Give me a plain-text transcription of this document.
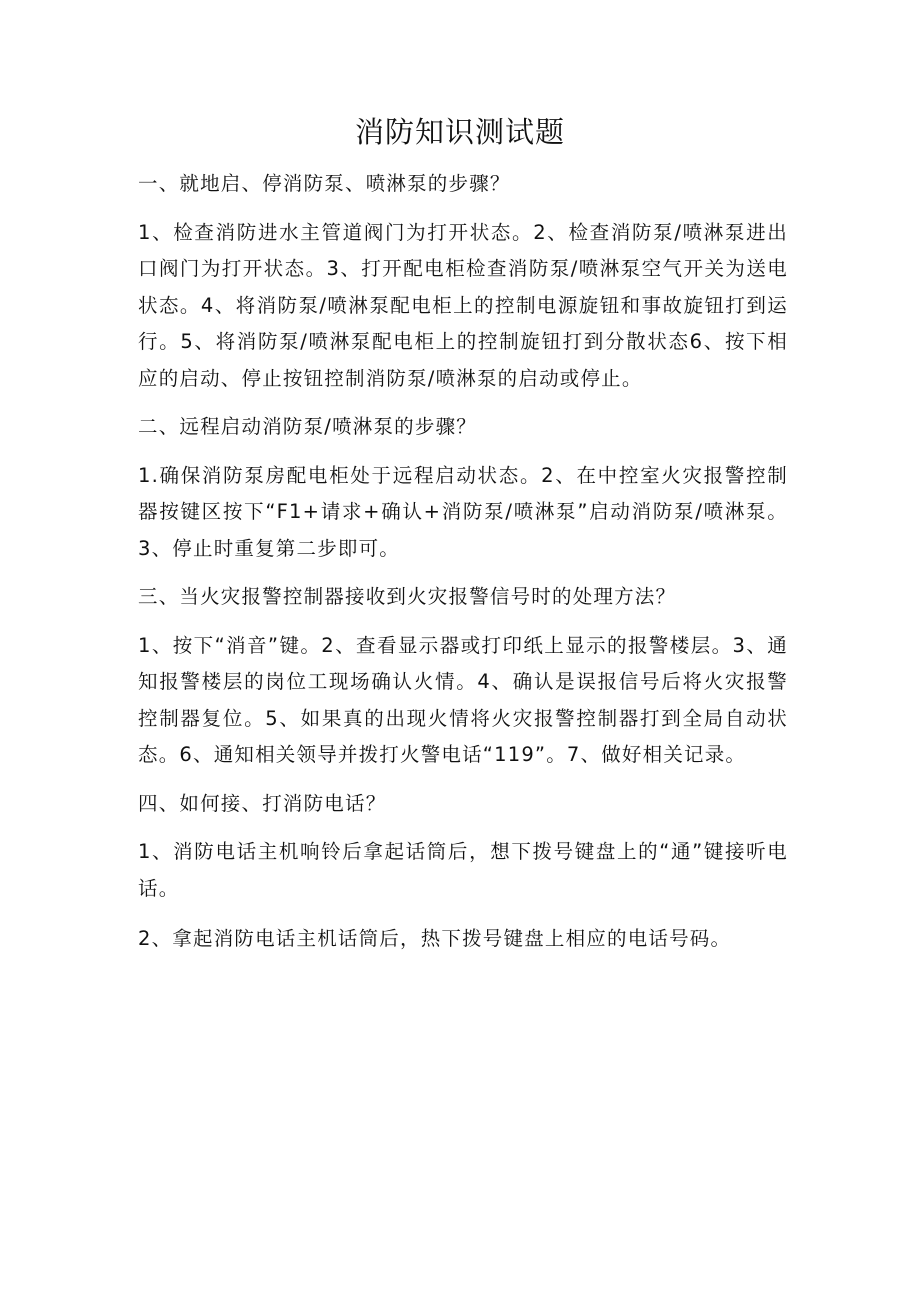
消防知识测试题

一、就地启、停消防泵、喷淋泵的步骤？

1、检查消防进水主管道阀门为打开状态。2、检查消防泵/喷淋泵进出口阀门为打开状态。3、打开配电柜检查消防泵/喷淋泵空气开关为送电状态。4、将消防泵/喷淋泵配电柜上的控制电源旋钮和事故旋钮打到运行。5、将消防泵/喷淋泵配电柜上的控制旋钮打到分散状态6、按下相应的启动、停止按钮控制消防泵/喷淋泵的启动或停止。

二、远程启动消防泵/喷淋泵的步骤？

1.确保消防泵房配电柜处于远程启动状态。2、在中控室火灾报警控制器按键区按下“F1+请求+确认+消防泵/喷淋泵”启动消防泵/喷淋泵。3、停止时重复第二步即可。

三、当火灾报警控制器接收到火灾报警信号时的处理方法？

1、按下“消音”键。2、查看显示器或打印纸上显示的报警楼层。3、通知报警楼层的岗位工现场确认火情。4、确认是误报信号后将火灾报警控制器复位。5、如果真的出现火情将火灾报警控制器打到全局自动状态。6、通知相关领导并拨打火警电话“119”。7、做好相关记录。

四、如何接、打消防电话？

1、消防电话主机响铃后拿起话筒后，想下拨号键盘上的“通”键接听电话。

2、拿起消防电话主机话筒后，热下拨号键盘上相应的电话号码。
